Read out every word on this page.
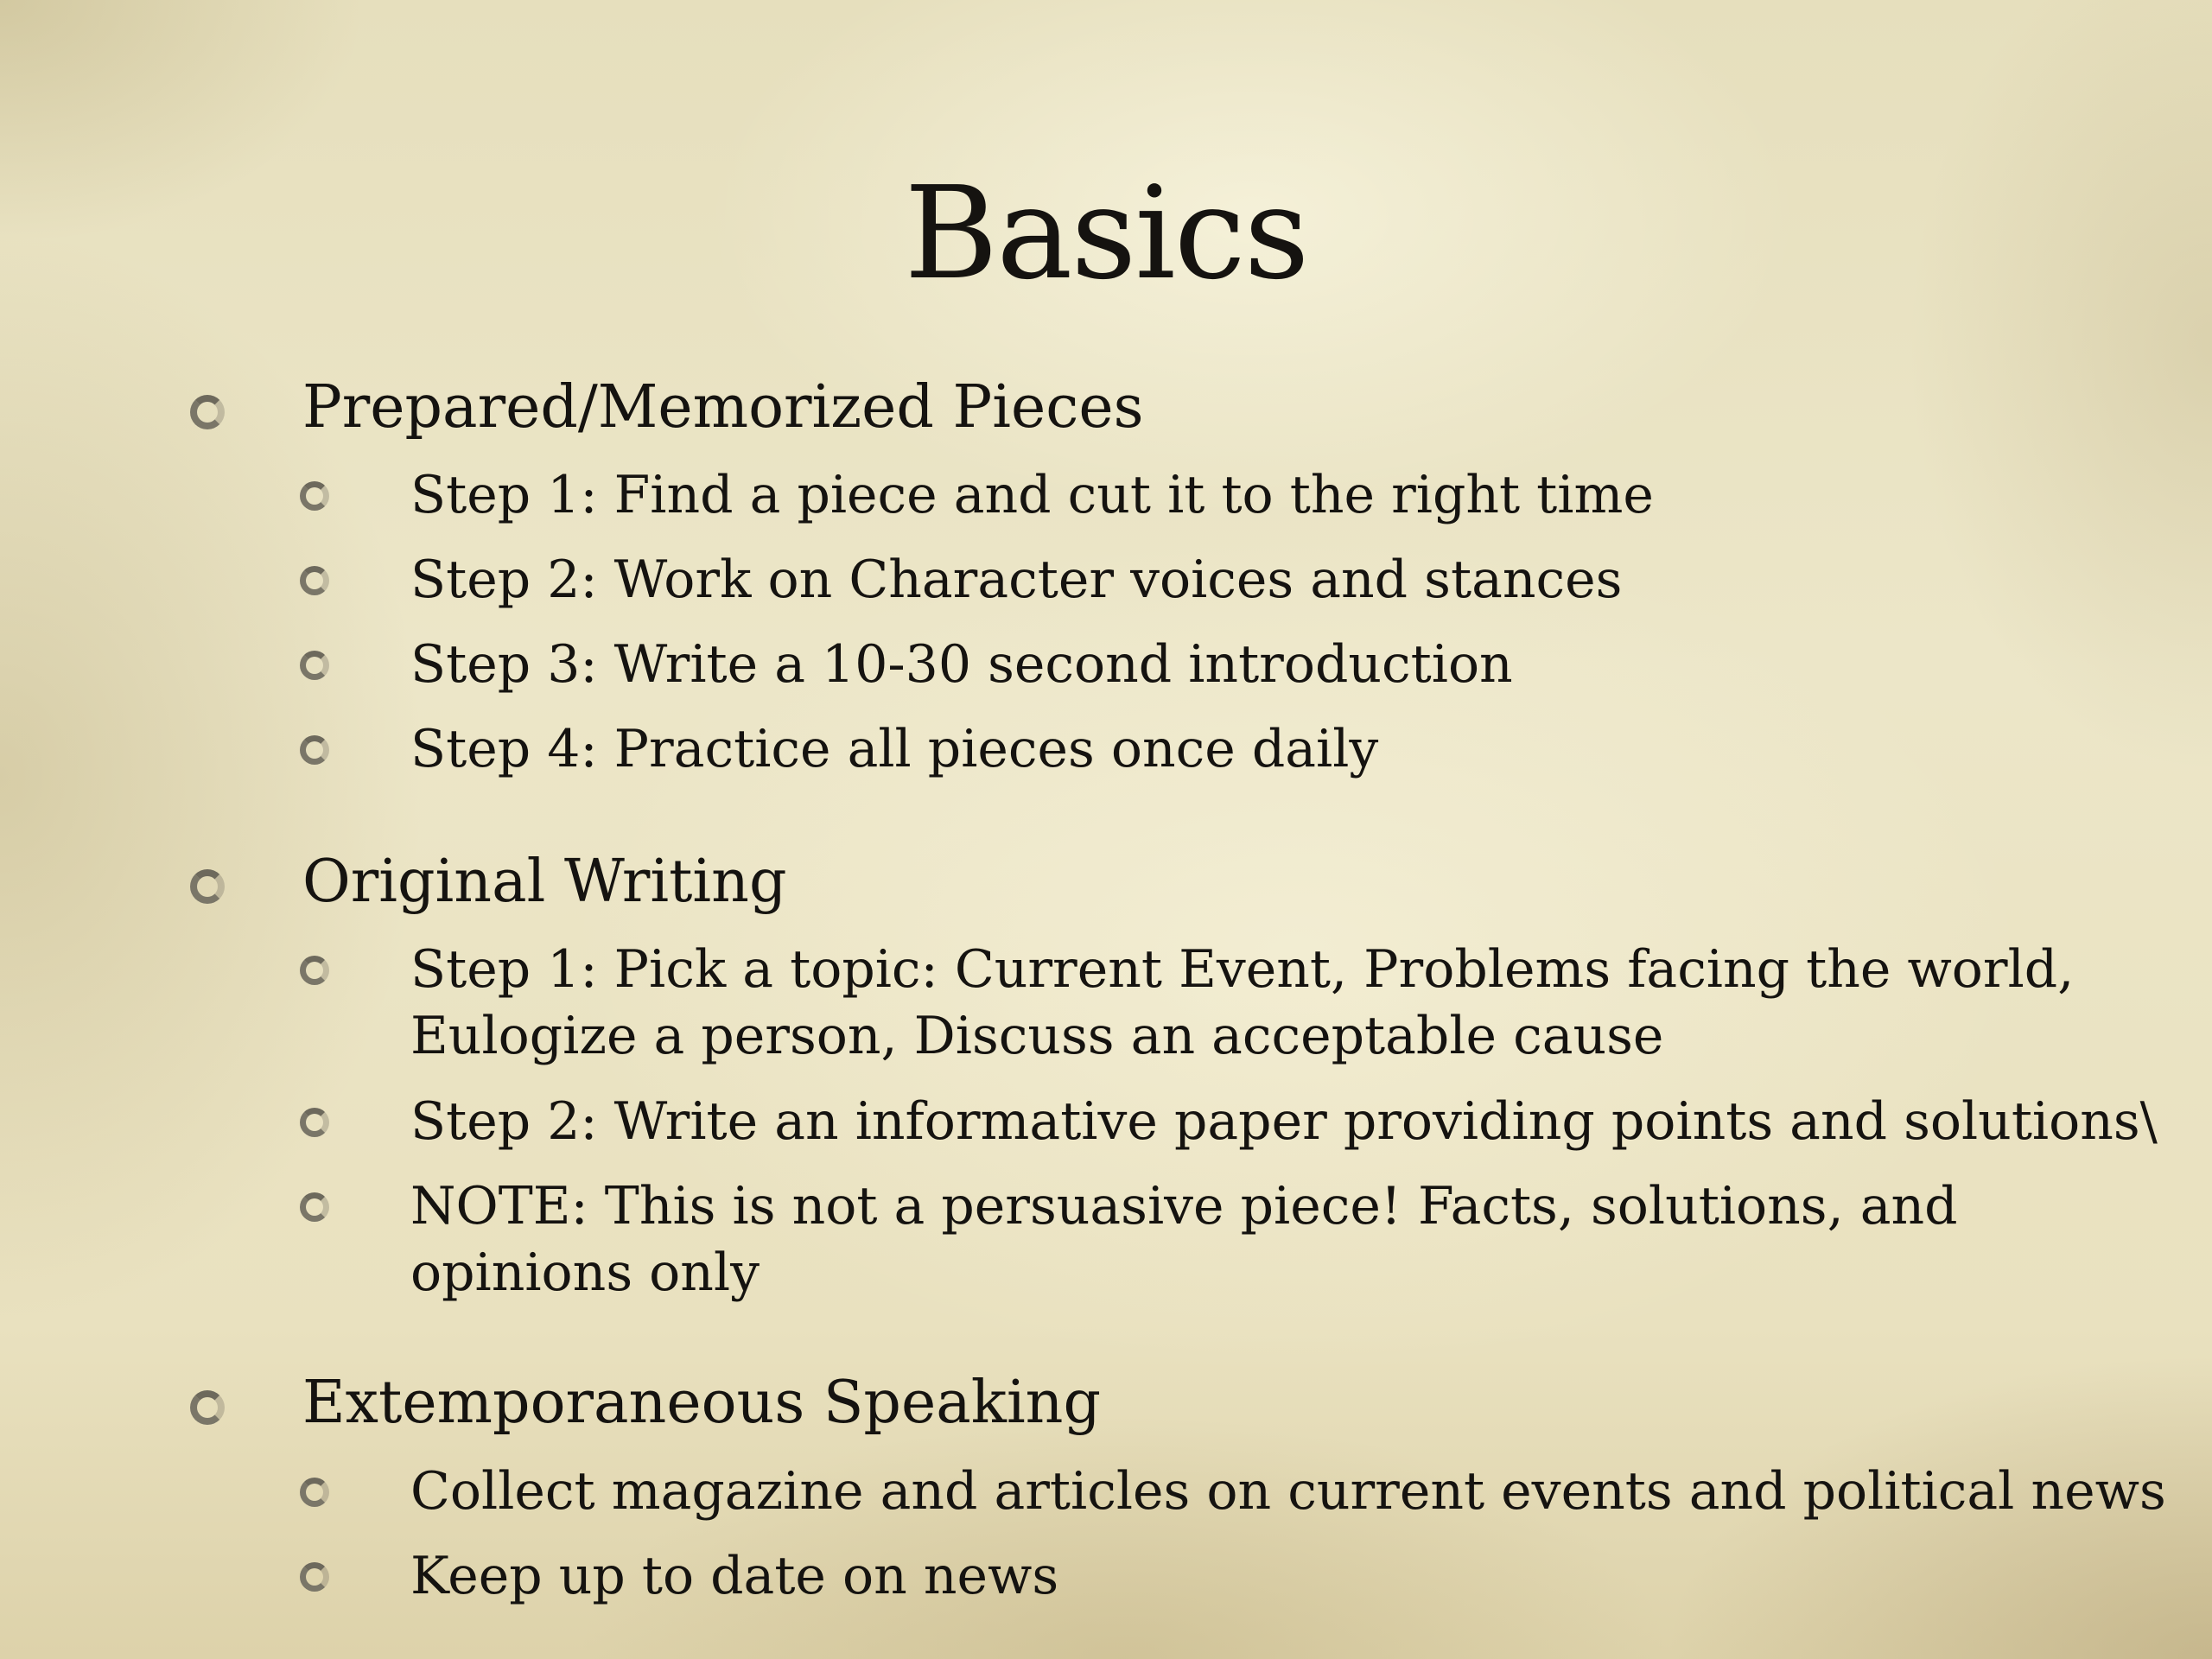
Basics
Prepared/Memorized Pieces
Step 1: Find a piece and cut it to the right time
Step 2: Work on Character voices and stances
Step 3: Write a 10-30 second introduction
Step 4: Practice all pieces once daily
Original Writing
Step 1: Pick a topic: Current Event, Problems facing the world,
Eulogize a person, Discuss an acceptable cause
Step 2: Write an informative paper providing points and solutions\
NOTE: This is not a persuasive piece! Facts, solutions, and
opinions only
Extemporaneous Speaking
Collect magazine and articles on current events and political news
Keep up to date on news
